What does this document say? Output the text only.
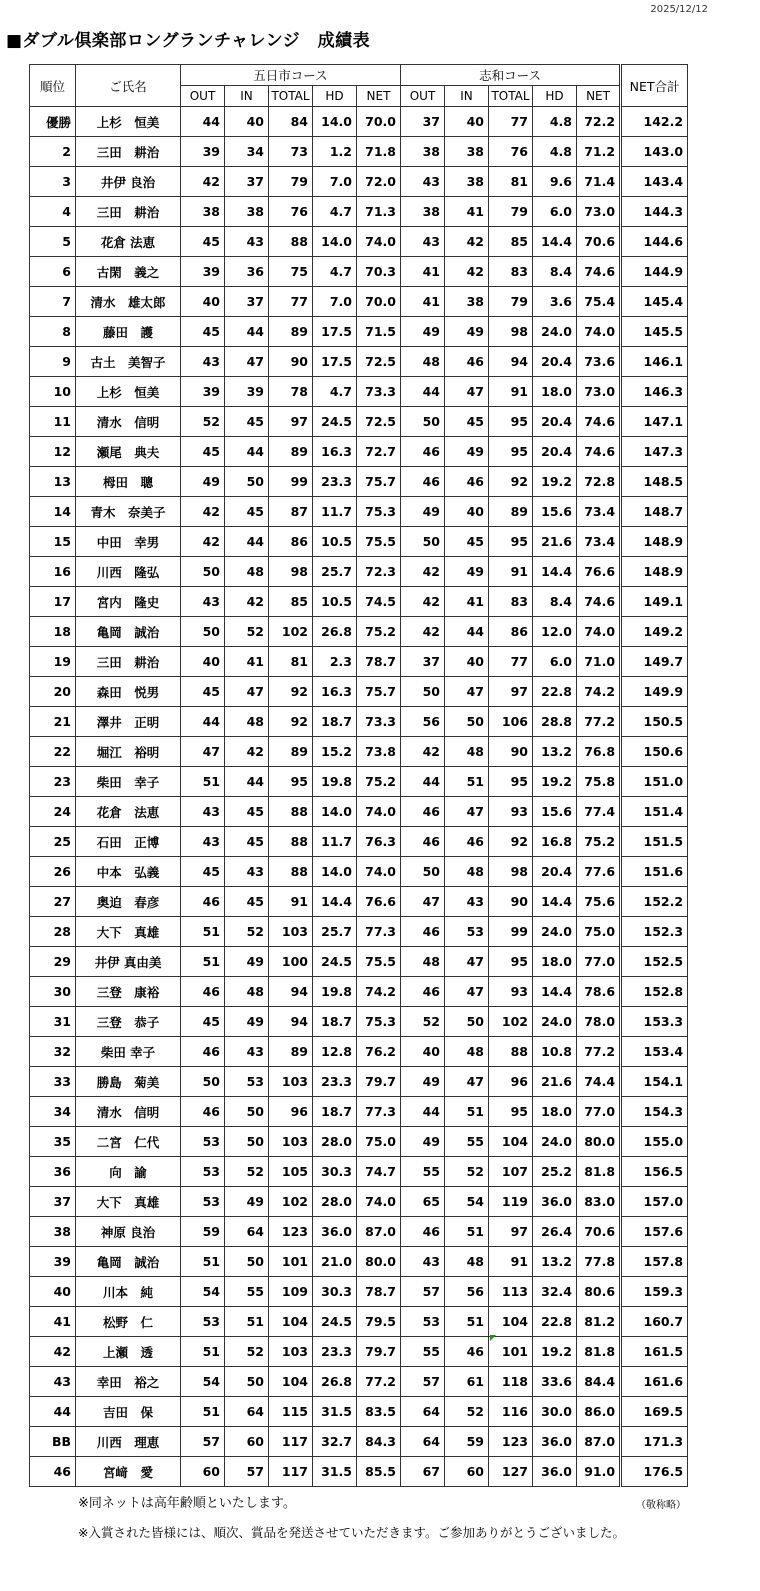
2025/12/12
■ダブル倶楽部ロングランチャレンジ　成績表
順位	ご氏名	五日市コース					志和コース					NET合計
		OUT	IN	TOTAL	HD	NET	OUT	IN	TOTAL	HD	NET	
優勝	上杉　恒美	44	40	84	14.0	70.0	37	40	77	4.8	72.2	142.2
2	三田　耕治	39	34	73	1.2	71.8	38	38	76	4.8	71.2	143.0
3	井伊 良治	42	37	79	7.0	72.0	43	38	81	9.6	71.4	143.4
4	三田　耕治	38	38	76	4.7	71.3	38	41	79	6.0	73.0	144.3
5	花倉 法恵	45	43	88	14.0	74.0	43	42	85	14.4	70.6	144.6
6	古閑　義之	39	36	75	4.7	70.3	41	42	83	8.4	74.6	144.9
7	清水　雄太郎	40	37	77	7.0	70.0	41	38	79	3.6	75.4	145.4
8	藤田　護	45	44	89	17.5	71.5	49	49	98	24.0	74.0	145.5
9	古土　美智子	43	47	90	17.5	72.5	48	46	94	20.4	73.6	146.1
10	上杉　恒美	39	39	78	4.7	73.3	44	47	91	18.0	73.0	146.3
11	清水　信明	52	45	97	24.5	72.5	50	45	95	20.4	74.6	147.1
12	瀬尾　典夫	45	44	89	16.3	72.7	46	49	95	20.4	74.6	147.3
13	栂田　聰	49	50	99	23.3	75.7	46	46	92	19.2	72.8	148.5
14	青木　奈美子	42	45	87	11.7	75.3	49	40	89	15.6	73.4	148.7
15	中田　幸男	42	44	86	10.5	75.5	50	45	95	21.6	73.4	148.9
16	川西　隆弘	50	48	98	25.7	72.3	42	49	91	14.4	76.6	148.9
17	宮内　隆史	43	42	85	10.5	74.5	42	41	83	8.4	74.6	149.1
18	亀岡　誠治	50	52	102	26.8	75.2	42	44	86	12.0	74.0	149.2
19	三田　耕治	40	41	81	2.3	78.7	37	40	77	6.0	71.0	149.7
20	森田　悦男	45	47	92	16.3	75.7	50	47	97	22.8	74.2	149.9
21	澤井　正明	44	48	92	18.7	73.3	56	50	106	28.8	77.2	150.5
22	堀江　裕明	47	42	89	15.2	73.8	42	48	90	13.2	76.8	150.6
23	柴田　幸子	51	44	95	19.8	75.2	44	51	95	19.2	75.8	151.0
24	花倉　法恵	43	45	88	14.0	74.0	46	47	93	15.6	77.4	151.4
25	石田　正博	43	45	88	11.7	76.3	46	46	92	16.8	75.2	151.5
26	中本　弘義	45	43	88	14.0	74.0	50	48	98	20.4	77.6	151.6
27	奥迫　春彦	46	45	91	14.4	76.6	47	43	90	14.4	75.6	152.2
28	大下　真雄	51	52	103	25.7	77.3	46	53	99	24.0	75.0	152.3
29	井伊 真由美	51	49	100	24.5	75.5	48	47	95	18.0	77.0	152.5
30	三登　康裕	46	48	94	19.8	74.2	46	47	93	14.4	78.6	152.8
31	三登　恭子	45	49	94	18.7	75.3	52	50	102	24.0	78.0	153.3
32	柴田 幸子	46	43	89	12.8	76.2	40	48	88	10.8	77.2	153.4
33	勝島　菊美	50	53	103	23.3	79.7	49	47	96	21.6	74.4	154.1
34	清水　信明	46	50	96	18.7	77.3	44	51	95	18.0	77.0	154.3
35	二宮　仁代	53	50	103	28.0	75.0	49	55	104	24.0	80.0	155.0
36	向　諭	53	52	105	30.3	74.7	55	52	107	25.2	81.8	156.5
37	大下　真雄	53	49	102	28.0	74.0	65	54	119	36.0	83.0	157.0
38	神原 良治	59	64	123	36.0	87.0	46	51	97	26.4	70.6	157.6
39	亀岡　誠治	51	50	101	21.0	80.0	43	48	91	13.2	77.8	157.8
40	川本　純	54	55	109	30.3	78.7	57	56	113	32.4	80.6	159.3
41	松野　仁	53	51	104	24.5	79.5	53	51	104	22.8	81.2	160.7
42	上瀬　透	51	52	103	23.3	79.7	55	46	101	19.2	81.8	161.5
43	幸田　裕之	54	50	104	26.8	77.2	57	61	118	33.6	84.4	161.6
44	吉田　保	51	64	115	31.5	83.5	64	52	116	30.0	86.0	169.5
BB	川西　理恵	57	60	117	32.7	84.3	64	59	123	36.0	87.0	171.3
46	宮﨑　愛	60	57	117	31.5	85.5	67	60	127	36.0	91.0	176.5
※同ネットは高年齢順といたします。	（敬称略）
※入賞された皆様には、順次、賞品を発送させていただきます。ご参加ありがとうございました。
